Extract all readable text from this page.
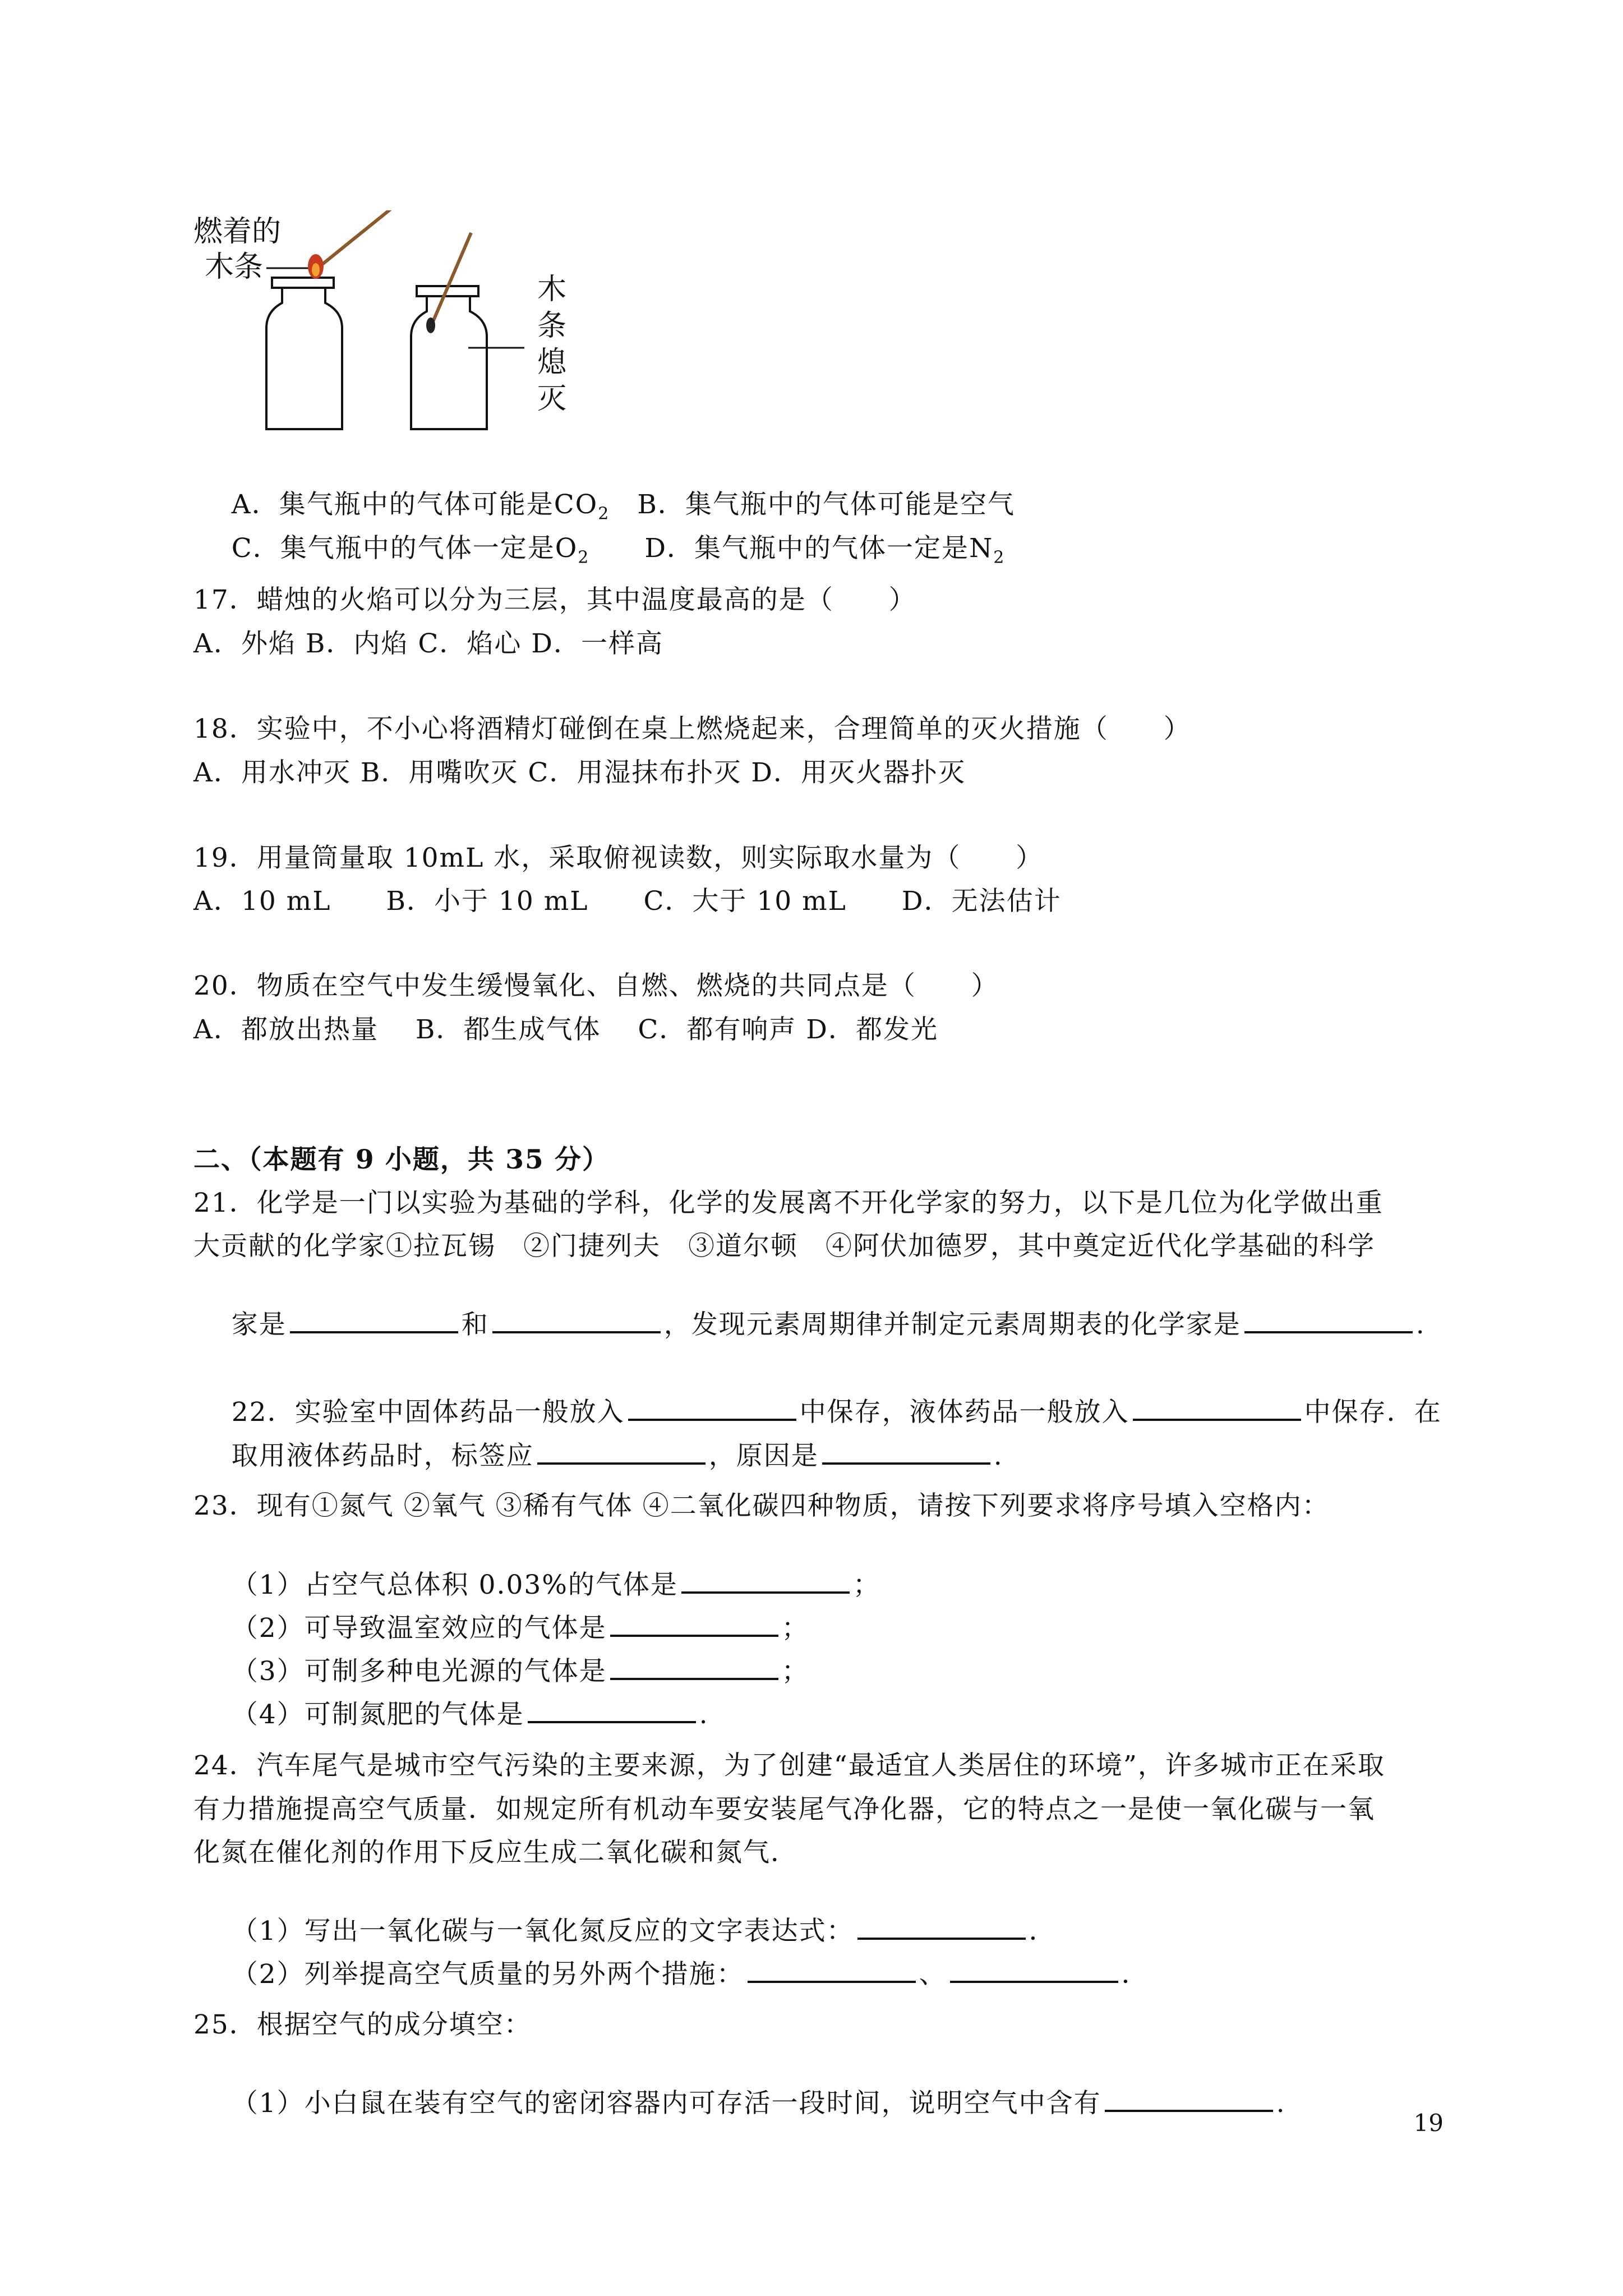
燃着的
木条
木
条
熄
灭

A．集气瓶中的气体可能是$CO_2$　 B．集气瓶中的气体可能是空气

C．集气瓶中的气体一定是$O_2$　　 D．集气瓶中的气体一定是$N_2$

17．蜡烛的火焰可以分为三层，其中温度最高的是（　　）
A．外焰 B．内焰 C．焰心 D．一样高
18．实验中，不小心将酒精灯碰倒在桌上燃烧起来，合理简单的灭火措施（　　）
A．用水冲灭 B．用嘴吹灭 C．用湿抹布扑灭 D．用灭火器扑灭
19．用量筒量取 10mL 水，采取俯视读数，则实际取水量为（　　）
A．10 mL　　B．小于 10 mL　　C．大于 10 mL　　D．无法估计
20．物质在空气中发生缓慢氧化、自燃、燃烧的共同点是（　　）
A．都放出热量　 B．都生成气体　 C．都有响声 D．都发光
二、（本题有 9 小题，共 35 分）
21．化学是一门以实验为基础的学科，化学的发展离不开化学家的努力，以下是几位为化学做出重
大贡献的化学家①拉瓦锡　②门捷列夫　③道尔顿　④阿伏加德罗，其中奠定近代化学基础的科学

家是	和	，发现元素周期律并制定元素周期表的化学家是	.

22．实验室中固体药品一般放入	中保存，液体药品一般放入	中保存．在

取用液体药品时，标签应	，原因是	.

23．现有①氮气 ②氧气 ③稀有气体 ④二氧化碳四种物质，请按下列要求将序号填入空格内：

（1）占空气总体积 0.03%的气体是	；

（2）可导致温室效应的气体是	；

（3）可制多种电光源的气体是	；

（4）可制氮肥的气体是	.

24．汽车尾气是城市空气污染的主要来源，为了创建“最适宜人类居住的环境”，许多城市正在采取
有力措施提高空气质量．如规定所有机动车要安装尾气净化器，它的特点之一是使一氧化碳与一氧
化氮在催化剂的作用下反应生成二氧化碳和氮气．

（1）写出一氧化碳与一氧化氮反应的文字表达式：	．

（2）列举提高空气质量的另外两个措施：	、	．

25．根据空气的成分填空：

（1）小白鼠在装有空气的密闭容器内可存活一段时间，说明空气中含有	.

19
